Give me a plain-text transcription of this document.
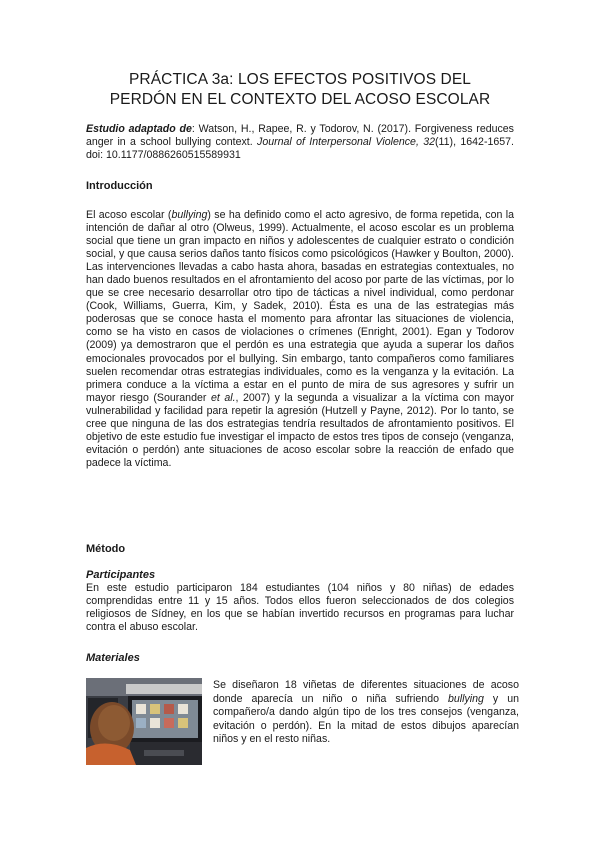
PRÁCTICA 3a: LOS EFECTOS POSITIVOS DEL
PERDÓN EN EL CONTEXTO DEL ACOSO ESCOLAR
Estudio adaptado de: Watson, H., Rapee, R. y Todorov, N. (2017). Forgiveness reduces anger in a school bullying context. Journal of Interpersonal Violence, 32(11), 1642-1657. doi: 10.1177/0886260515589931
Introducción
El acoso escolar (bullying) se ha definido como el acto agresivo, de forma repetida, con la intención de dañar al otro (Olweus, 1999). Actualmente, el acoso escolar es un problema social que tiene un gran impacto en niños y adolescentes de cualquier estrato o condición social, y que causa serios daños tanto físicos como psicológicos (Hawker y Boulton, 2000). Las intervenciones llevadas a cabo hasta ahora, basadas en estrategias contextuales, no han dado buenos resultados en el afrontamiento del acoso por parte de las víctimas, por lo que se cree necesario desarrollar otro tipo de tácticas a nivel individual, como perdonar (Cook, Williams, Guerra, Kim, y Sadek, 2010). Ésta es una de las estrategias más poderosas que se conoce hasta el momento para afrontar las situaciones de violencia, como se ha visto en casos de violaciones o crímenes (Enright, 2001). Egan y Todorov (2009) ya demostraron que el perdón es una estrategia que ayuda a superar los daños emocionales provocados por el bullying. Sin embargo, tanto compañeros como familiares suelen recomendar otras estrategias individuales, como es la venganza y la evitación. La primera conduce a la víctima a estar en el punto de mira de sus agresores y sufrir un mayor riesgo (Sourander et al., 2007) y la segunda a visualizar a la víctima con mayor vulnerabilidad y facilidad para repetir la agresión (Hutzell y Payne, 2012). Por lo tanto, se cree que ninguna de las dos estrategias tendría resultados de afrontamiento positivos. El objetivo de este estudio fue investigar el impacto de estos tres tipos de consejo (venganza, evitación o perdón) ante situaciones de acoso escolar sobre la reacción de enfado que padece la víctima.
Método
Participantes
En este estudio participaron 184 estudiantes (104 niños y 80 niñas) de edades comprendidas entre 11 y 15 años. Todos ellos fueron seleccionados de dos colegios religiosos de Sídney, en los que se habían invertido recursos en programas para luchar contra el abuso escolar.
Materiales
Se diseñaron 18 viñetas de diferentes situaciones de acoso donde aparecía un niño o niña sufriendo bullying y un compañero/a dando algún tipo de los tres consejos (venganza, evitación o perdón). En la mitad de estos dibujos aparecían niños y en el resto niñas.
